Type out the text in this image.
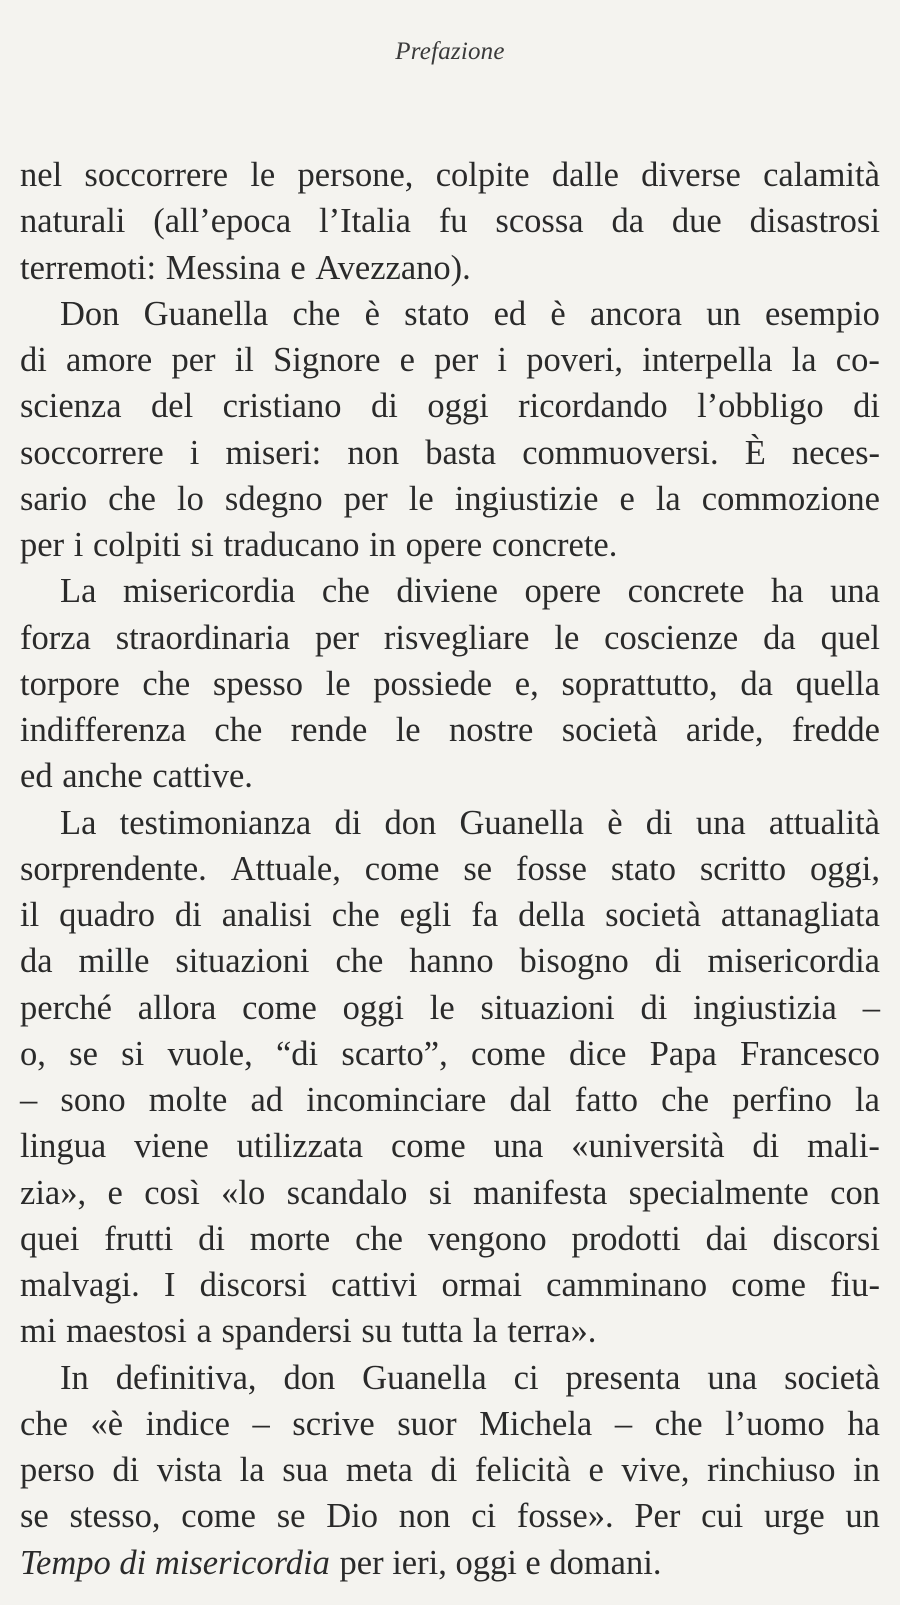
Prefazione
nel soccorrere le persone, colpite dalle diverse calamità
naturali (all’epoca l’Italia fu scossa da due disastrosi
terremoti: Messina e Avezzano).
Don Guanella che è stato ed è ancora un esempio
di amore per il Signore e per i poveri, interpella la co-
scienza del cristiano di oggi ricordando l’obbligo di
soccorrere i miseri: non basta commuoversi. È neces-
sario che lo sdegno per le ingiustizie e la commozione
per i colpiti si traducano in opere concrete.
La misericordia che diviene opere concrete ha una
forza straordinaria per risvegliare le coscienze da quel
torpore che spesso le possiede e, soprattutto, da quella
indifferenza che rende le nostre società aride, fredde
ed anche cattive.
La testimonianza di don Guanella è di una attualità
sorprendente. Attuale, come se fosse stato scritto oggi,
il quadro di analisi che egli fa della società attanagliata
da mille situazioni che hanno bisogno di misericordia
perché allora come oggi le situazioni di ingiustizia –
o, se si vuole, “di scarto”, come dice Papa Francesco
– sono molte ad incominciare dal fatto che perfino la
lingua viene utilizzata come una «università di mali-
zia», e così «lo scandalo si manifesta specialmente con
quei frutti di morte che vengono prodotti dai discorsi
malvagi. I discorsi cattivi ormai camminano come fiu-
mi maestosi a spandersi su tutta la terra».
In definitiva, don Guanella ci presenta una società
che «è indice – scrive suor Michela – che l’uomo ha
perso di vista la sua meta di felicità e vive, rinchiuso in
se stesso, come se Dio non ci fosse». Per cui urge un
Tempo di misericordia per ieri, oggi e domani.
